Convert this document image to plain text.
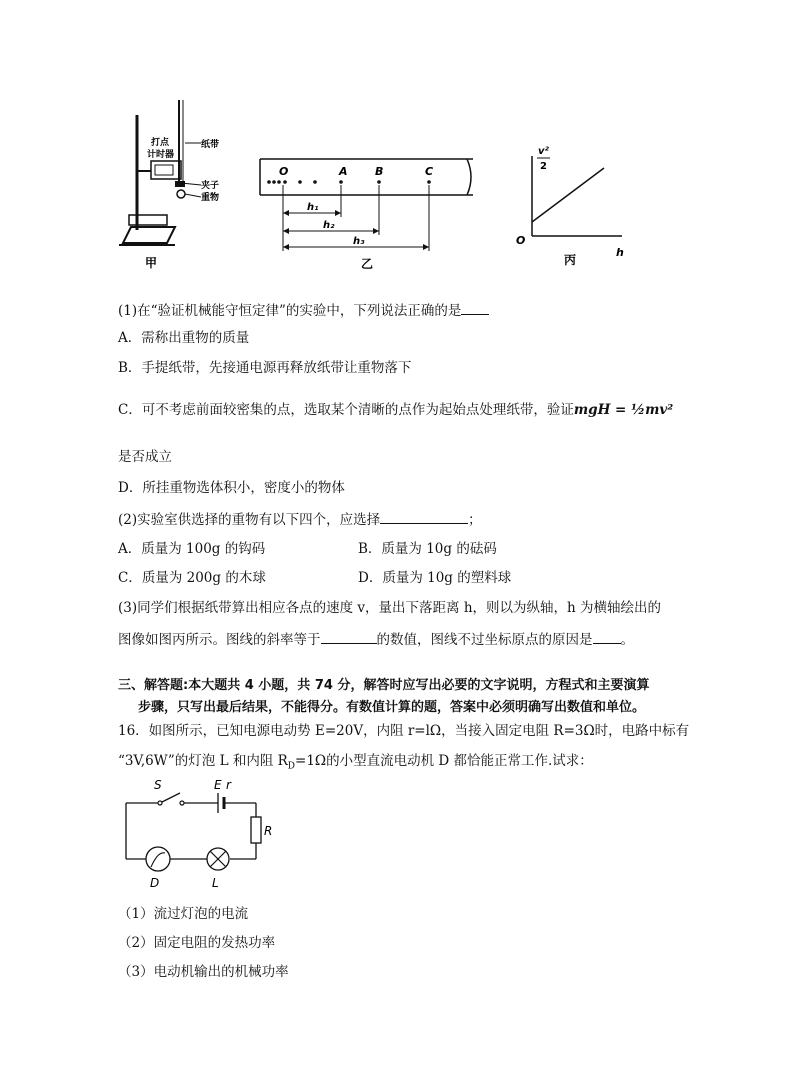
打点
计时器
纸带
夹子
重物
甲
O	A B	C
h₁
h₂
h₃
乙
v²
2
O
h
丙
(1)在“验证机械能守恒定律”的实验中，下列说法正确的是
A．需称出重物的质量
B．手提纸带，先接通电源再释放纸带让重物落下
C．可不考虑前面较密集的点，选取某个清晰的点作为起始点处理纸带，验证mgH = ½mv²
是否成立
D．所挂重物选体积小，密度小的物体
(2)实验室供选择的重物有以下四个，应选择	；
A．质量为 100g 的钩码	B．质量为 10g 的砝码
C．质量为 200g 的木球	D．质量为 10g 的塑料球
(3)同学们根据纸带算出相应各点的速度 v，量出下落距离 h，则以为纵轴，h 为横轴绘出的
图像如图丙所示。图线的斜率等于	的数值，图线不过坐标原点的原因是 。
三、解答题:本大题共 4 小题，共 74 分，解答时应写出必要的文字说明，方程式和主要演算
步骤，只写出最后结果，不能得分。有数值计算的题，答案中必须明确写出数值和单位。
16．如图所示，已知电源电动势 E=20V，内阻 r=lΩ，当接入固定电阻 R=3Ω时，电路中标有
“3V,6W”的灯泡 L 和内阻 $R_D=1\Omega$的小型直流电动机 D 都恰能正常工作.试求：
S	E r
R
D	L
（1）流过灯泡的电流
（2）固定电阻的发热功率
（3）电动机输出的机械功率
